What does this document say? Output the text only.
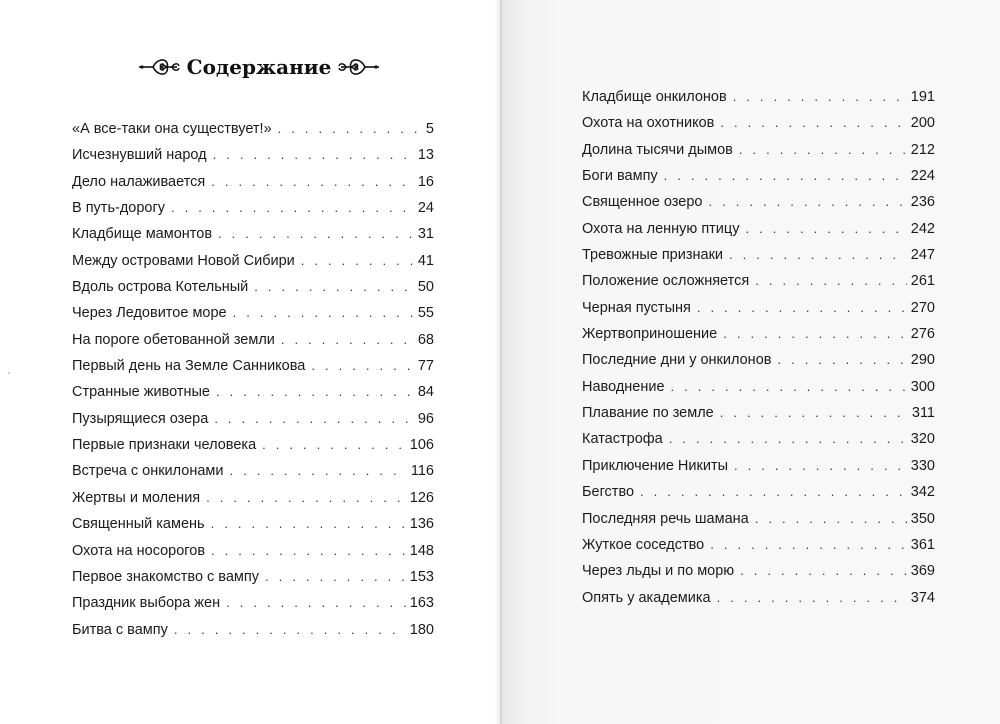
Содержание
«А все-таки она существует!» . . .	5
Исчезнувший народ . . .	13
Дело налаживается . . .	16
В путь-дорогу . . .	24
Кладбище мамонтов . . .	31
Между островами Новой Сибири . . .	41
Вдоль острова Котельный . . .	50
Через Ледовитое море . . .	55
На пороге обетованной земли . . .	68
Первый день на Земле Санникова . . .	77
Странные животные . . .	84
Пузырящиеся озера . . .	96
Первые признаки человека . . .	106
Встреча с онкилонами . . .	116
Жертвы и моления . . .	126
Священный камень . . .	136
Охота на носорогов . . .	148
Первое знакомство с вампу . . .	153
Праздник выбора жен . . .	163
Битва с вампу . . .	180
Кладбище онкилонов . . .	191
Охота на охотников . . .	200
Долина тысячи дымов . . .	212
Боги вампу . . .	224
Священное озеро . . .	236
Охота на ленную птицу . . .	242
Тревожные признаки . . .	247
Положение осложняется . . .	261
Черная пустыня . . .	270
Жертвоприношение . . .	276
Последние дни у онкилонов . . .	290
Наводнение . . .	300
Плавание по земле . . .	311
Катастрофа . . .	320
Приключение Никиты . . .	330
Бегство . . .	342
Последняя речь шамана . . .	350
Жуткое соседство . . .	361
Через льды и по морю . . .	369
Опять у академика . . .	374
